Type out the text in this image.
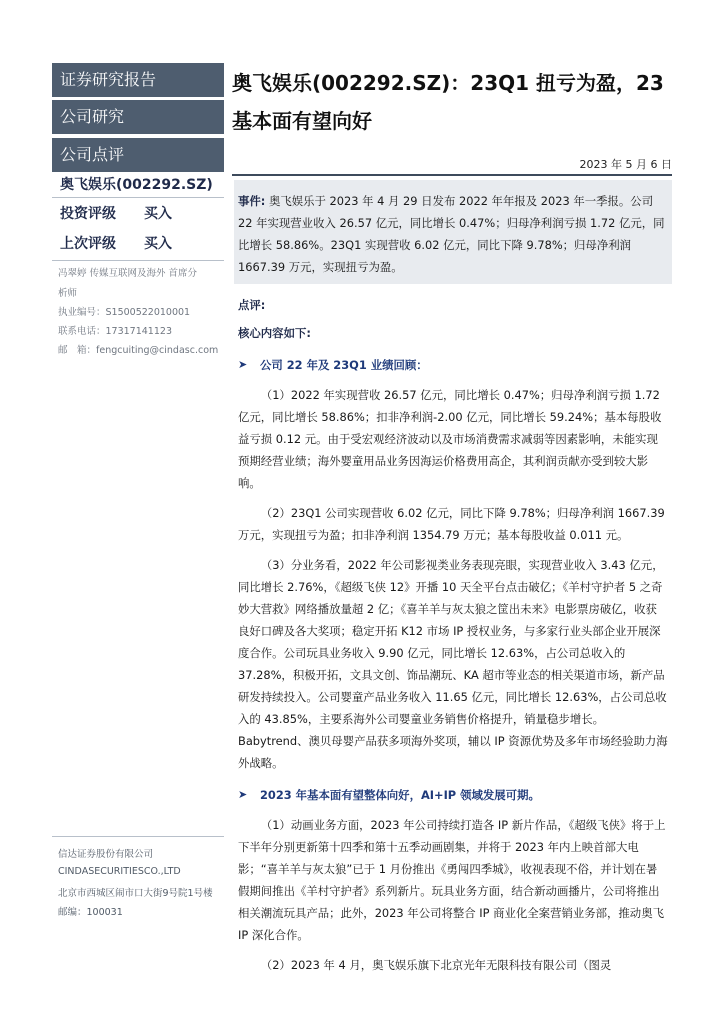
证券研究报告
公司研究
公司点评
奥飞娱乐(002292.SZ)
投资评级 买入
上次评级 买入
冯翠婷 传媒互联网及海外 首席分
析师
执业编号：S1500522010001
联系电话：17317141123
邮　箱：fengcuiting@cindasc.com
信达证券股份有限公司
CINDASECURITIESCO.,LTD
北京市西城区闹市口大街9号院1号楼
邮编：100031
奥飞娱乐(002292.SZ)：23Q1 扭亏为盈，23
基本面有望向好
2023 年 5 月 6 日
事件: 奥飞娱乐于 2023 年 4 月 29 日发布 2022 年年报及 2023 年一季报。公司 22 年实现营业收入 26.57 亿元，同比增长 0.47%；归母净利润亏损 1.72 亿元，同比增长 58.86%。23Q1 实现营收 6.02 亿元，同比下降 9.78%；归母净利润 1667.39 万元，实现扭亏为盈。
点评:
核心内容如下:
➤	公司 22 年及 23Q1 业绩回顾：
（1）2022 年实现营收 26.57 亿元，同比增长 0.47%；归母净利润亏损 1.72 亿元，同比增长 58.86%；扣非净利润-2.00 亿元，同比增长 59.24%；基本每股收益亏损 0.12 元。由于受宏观经济波动以及市场消费需求减弱等因素影响，未能实现预期经营业绩；海外婴童用品业务因海运价格费用高企，其利润贡献亦受到较大影响。
（2）23Q1 公司实现营收 6.02 亿元，同比下降 9.78%；归母净利润 1667.39 万元，实现扭亏为盈；扣非净利润 1354.79 万元；基本每股收益 0.011 元。
（3）分业务看，2022 年公司影视类业务表现亮眼，实现营业收入 3.43 亿元，同比增长 2.76%，《超级飞侠 12》开播 10 天全平台点击破亿；《羊村守护者 5 之奇妙大营救》网络播放量超 2 亿；《喜羊羊与灰太狼之筐出未来》电影票房破亿，收获良好口碑及各大奖项；稳定开拓 K12 市场 IP 授权业务，与多家行业头部企业开展深度合作。公司玩具业务收入 9.90 亿元，同比增长 12.63%，占公司总收入的 37.28%，积极开拓，文具文创、饰品潮玩、KA 超市等业态的相关渠道市场，新产品研发持续投入。公司婴童产品业务收入 11.65 亿元，同比增长 12.63%，占公司总收入的 43.85%，主要系海外公司婴童业务销售价格提升，销量稳步增长。Babytrend、澳贝母婴产品获多项海外奖项，辅以 IP 资源优势及多年市场经验助力海外战略。
➤	2023 年基本面有望整体向好，AI+IP 领域发展可期。
（1）动画业务方面，2023 年公司持续打造各 IP 新片作品，《超级飞侠》将于上下半年分别更新第十四季和第十五季动画剧集，并将于 2023 年内上映首部大电影；“喜羊羊与灰太狼”已于 1 月份推出《勇闯四季城》，收视表现不俗，并计划在暑假期间推出《羊村守护者》系列新片。玩具业务方面，结合新动画播片，公司将推出相关潮流玩具产品；此外，2023 年公司将整合 IP 商业化全案营销业务部，推动奥飞 IP 深化合作。
（2）2023 年 4 月，奥飞娱乐旗下北京光年无限科技有限公司（图灵
